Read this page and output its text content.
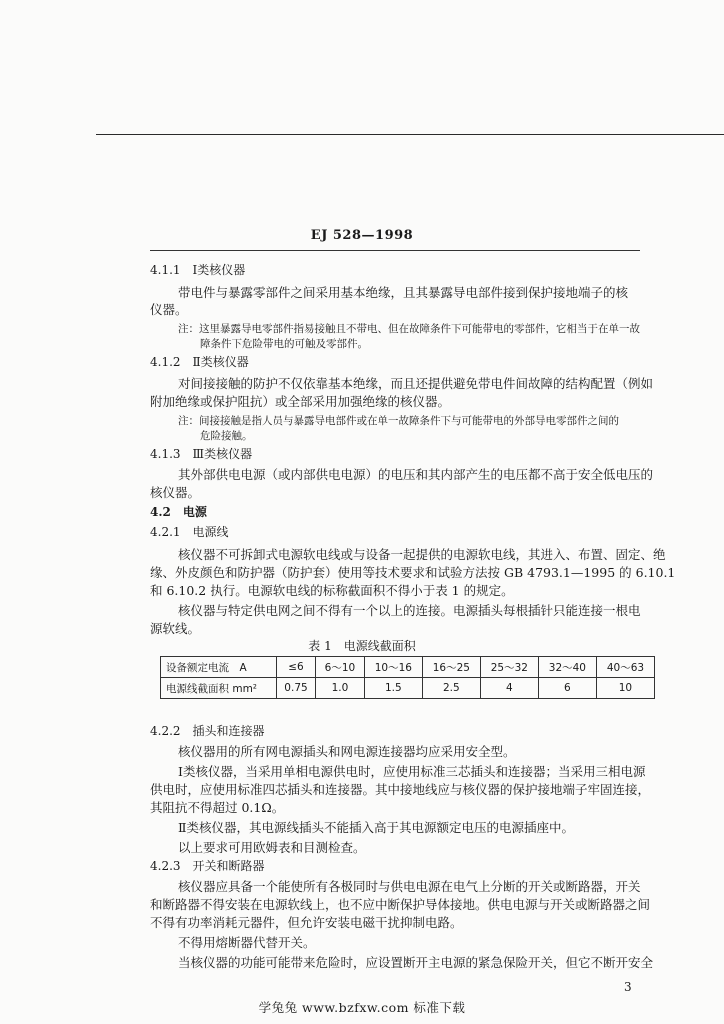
EJ 528—1998
4.1.1　Ⅰ类核仪器
带电件与暴露零部件之间采用基本绝缘，且其暴露导电部件接到保护接地端子的核
仪器。
注：这里暴露导电零部件指易接触且不带电、但在故障条件下可能带电的零部件，它相当于在单一故
障条件下危险带电的可触及零部件。
4.1.2　Ⅱ类核仪器
对间接接触的防护不仅依靠基本绝缘，而且还提供避免带电件间故障的结构配置（例如
附加绝缘或保护阻抗）或全部采用加强绝缘的核仪器。
注：间接接触是指人员与暴露导电部件或在单一故障条件下与可能带电的外部导电零部件之间的
危险接触。
4.1.3　Ⅲ类核仪器
其外部供电电源（或内部供电电源）的电压和其内部产生的电压都不高于安全低电压的
核仪器。
4.2　电源
4.2.1　电源线
核仪器不可拆卸式电源软电线或与设备一起提供的电源软电线，其进入、布置、固定、绝
缘、外皮颜色和防护器（防护套）使用等技术要求和试验方法按 GB 4793.1—1995 的 6.10.1
和 6.10.2 执行。电源软电线的标称截面积不得小于表 1 的规定。
核仪器与特定供电网之间不得有一个以上的连接。电源插头每根插针只能连接一根电
源软线。
表 1　电源线截面积
设备额定电流　A	≤6	6～10	10～16	16～25	25～32	32～40	40～63
电源线截面积 mm²	0.75	1.0	1.5	2.5	4	6	10
4.2.2　插头和连接器
核仪器用的所有网电源插头和网电源连接器均应采用安全型。
Ⅰ类核仪器，当采用单相电源供电时，应使用标准三芯插头和连接器；当采用三相电源
供电时，应使用标准四芯插头和连接器。其中接地线应与核仪器的保护接地端子牢固连接，
其阻抗不得超过 0.1Ω。
Ⅱ类核仪器，其电源线插头不能插入高于其电源额定电压的电源插座中。
以上要求可用欧姆表和目测检查。
4.2.3　开关和断路器
核仪器应具备一个能使所有各极同时与供电电源在电气上分断的开关或断路器，开关
和断路器不得安装在电源软线上，也不应中断保护导体接地。供电电源与开关或断路器之间
不得有功率消耗元器件，但允许安装电磁干扰抑制电路。
不得用熔断器代替开关。
当核仪器的功能可能带来危险时，应设置断开主电源的紧急保险开关，但它不断开安全
3
学兔兔 www.bzfxw.com 标准下载
